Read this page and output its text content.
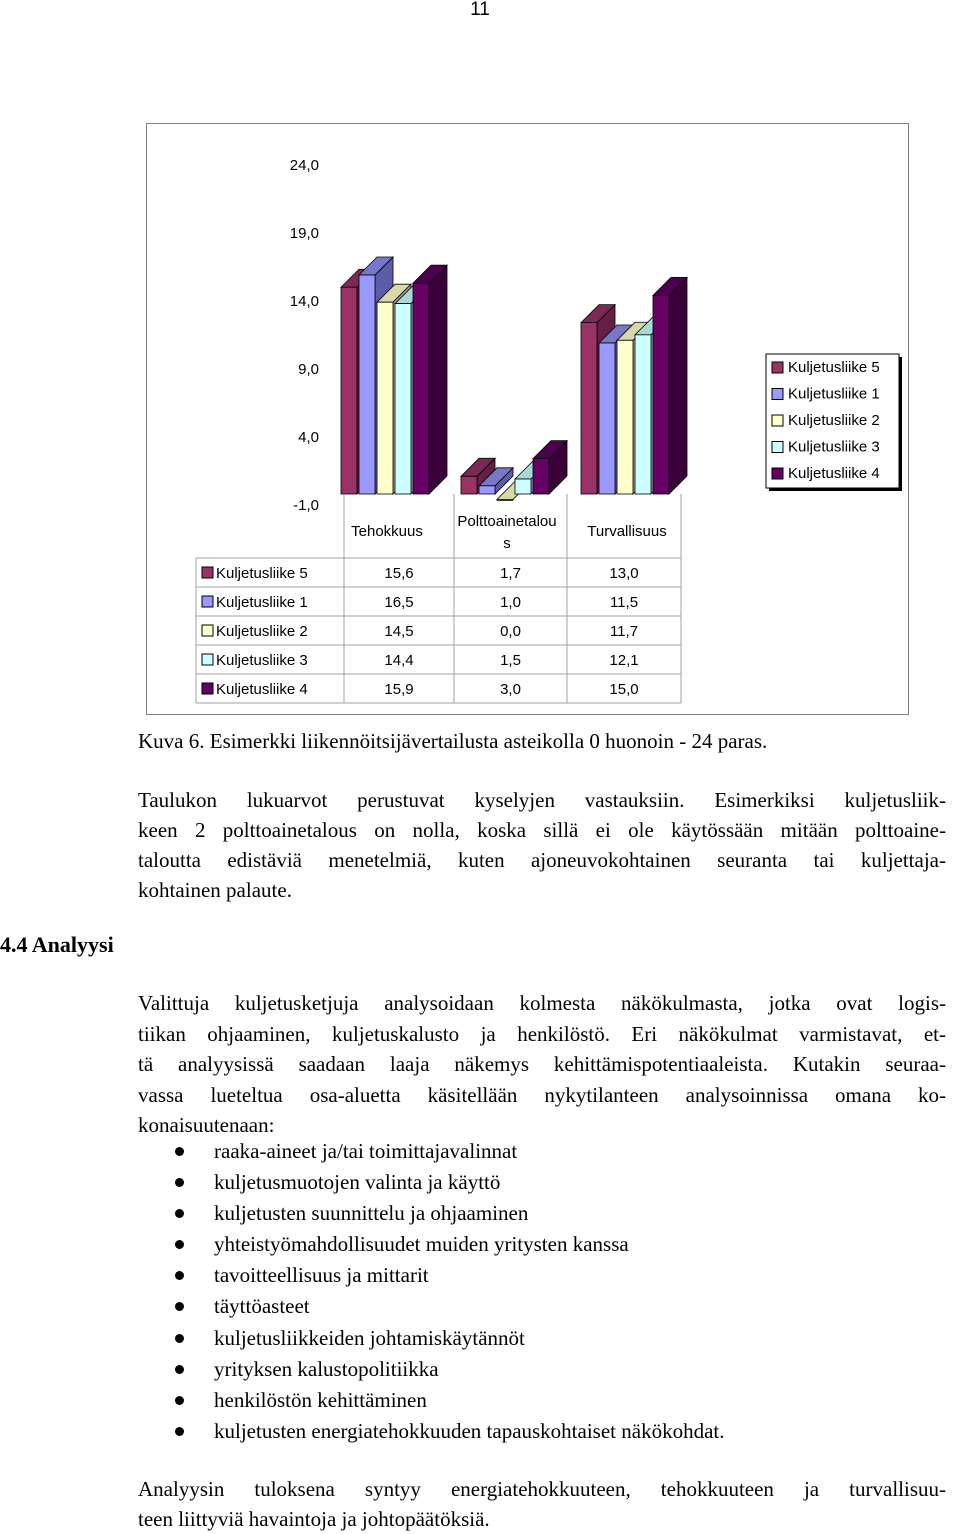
11
24,0
19,0
14,0
9,0
4,0
-1,0
Tehokkuus
Polttoainetalou
s
Turvallisuus
Kuljetusliike 5
Kuljetusliike 1
Kuljetusliike 2
Kuljetusliike 3
Kuljetusliike 4
Kuljetusliike 5	15,6	1,7	13,0
Kuljetusliike 1	16,5	1,0	11,5
Kuljetusliike 2	14,5	0,0	11,7
Kuljetusliike 3	14,4	1,5	12,1
Kuljetusliike 4	15,9	3,0	15,0
Kuva 6. Esimerkki liikennöitsijävertailusta asteikolla 0 huonoin - 24 paras.
Taulukon lukuarvot perustuvat kyselyjen vastauksiin. Esimerkiksi kuljetusliik-
keen 2 polttoainetalous on nolla, koska sillä ei ole käytössään mitään polttoaine-
taloutta edistäviä menetelmiä, kuten ajoneuvokohtainen seuranta tai kuljettaja-
kohtainen palaute.
4.4 Analyysi
Valittuja kuljetusketjuja analysoidaan kolmesta näkökulmasta, jotka ovat logis-
tiikan ohjaaminen, kuljetuskalusto ja henkilöstö. Eri näkökulmat varmistavat, et-
tä analyysissä saadaan laaja näkemys kehittämispotentiaaleista. Kutakin seuraa-
vassa lueteltua osa-aluetta käsitellään nykytilanteen analysoinnissa omana ko-
konaisuutenaan:
raaka-aineet ja/tai toimittajavalinnat
kuljetusmuotojen valinta ja käyttö
kuljetusten suunnittelu ja ohjaaminen
yhteistyömahdollisuudet muiden yritysten kanssa
tavoitteellisuus ja mittarit
täyttöasteet
kuljetusliikkeiden johtamiskäytännöt
yrityksen kalustopolitiikka
henkilöstön kehittäminen
kuljetusten energiatehokkuuden tapauskohtaiset näkökohdat.
Analyysin tuloksena syntyy energiatehokkuuteen, tehokkuuteen ja turvallisuu-
teen liittyviä havaintoja ja johtopäätöksiä.
